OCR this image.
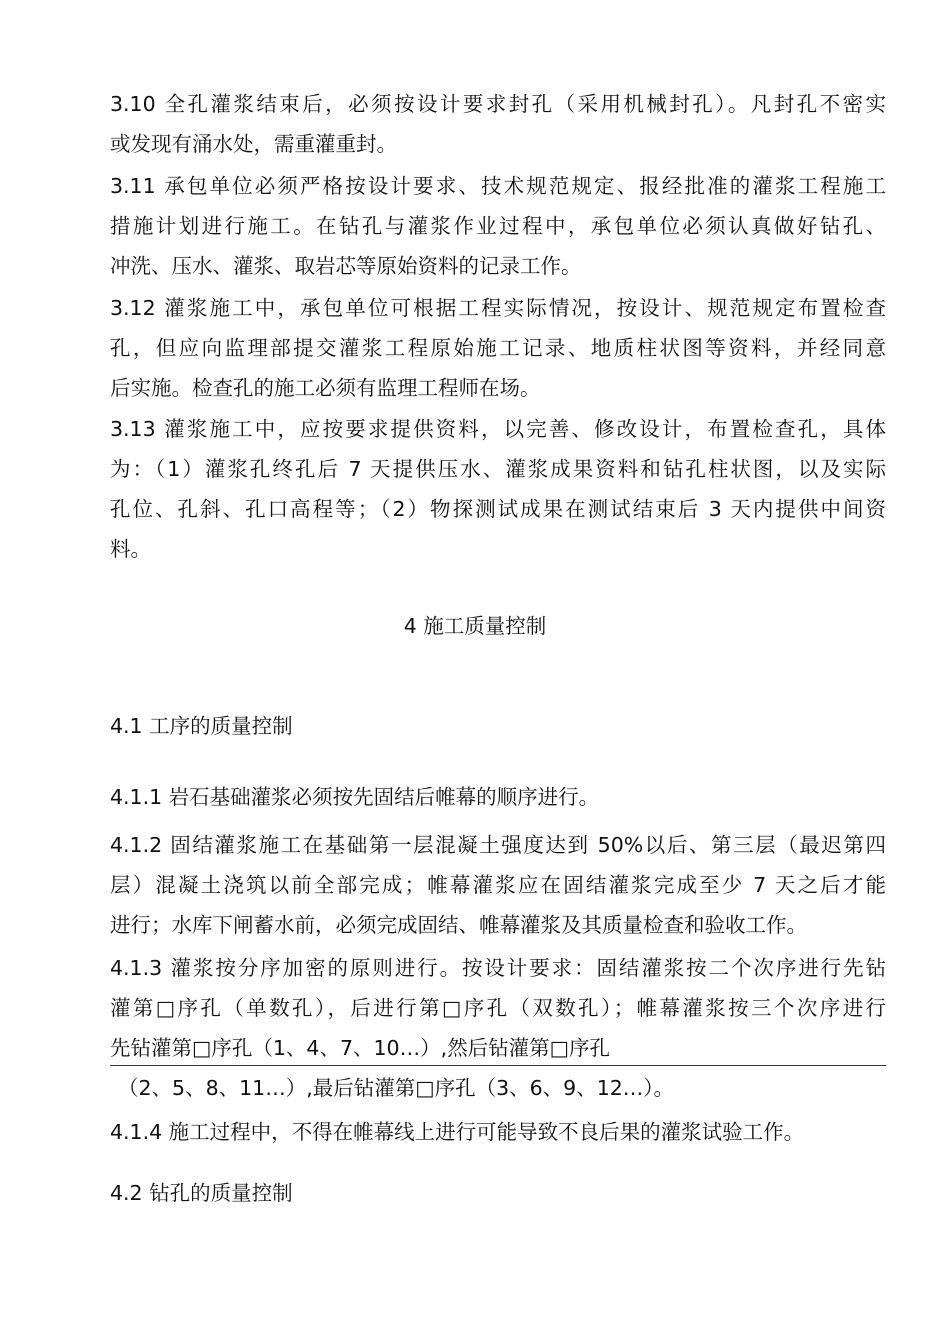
3.10 全孔灌浆结束后，必须按设计要求封孔（采用机械封孔）。凡封孔不密实
或发现有涌水处，需重灌重封。
3.11 承包单位必须严格按设计要求、技术规范规定、报经批准的灌浆工程施工
措施计划进行施工。在钻孔与灌浆作业过程中，承包单位必须认真做好钻孔、
冲洗、压水、灌浆、取岩芯等原始资料的记录工作。
3.12 灌浆施工中，承包单位可根据工程实际情况，按设计、规范规定布置检查
孔，但应向监理部提交灌浆工程原始施工记录、地质柱状图等资料，并经同意
后实施。检查孔的施工必须有监理工程师在场。
3.13 灌浆施工中，应按要求提供资料，以完善、修改设计，布置检查孔，具体
为：（1）灌浆孔终孔后 7 天提供压水、灌浆成果资料和钻孔柱状图，以及实际
孔位、孔斜、孔口高程等；（2）物探测试成果在测试结束后 3 天内提供中间资
料。
4 施工质量控制
4.1 工序的质量控制
4.1.1 岩石基础灌浆必须按先固结后帷幕的顺序进行。
4.1.2 固结灌浆施工在基础第一层混凝土强度达到 50%以后、第三层（最迟第四
层）混凝土浇筑以前全部完成；帷幕灌浆应在固结灌浆完成至少 7 天之后才能
进行；水库下闸蓄水前，必须完成固结、帷幕灌浆及其质量检查和验收工作。
4.1.3 灌浆按分序加密的原则进行。按设计要求：固结灌浆按二个次序进行先钻
灌第□序孔（单数孔），后进行第□序孔（双数孔）；帷幕灌浆按三个次序进行
先钻灌第□序孔（1、4、7、10…）,然后钻灌第□序孔
（2、5、8、11…）,最后钻灌第□序孔（3、6、9、12…）。
4.1.4 施工过程中，不得在帷幕线上进行可能导致不良后果的灌浆试验工作。
4.2 钻孔的质量控制
